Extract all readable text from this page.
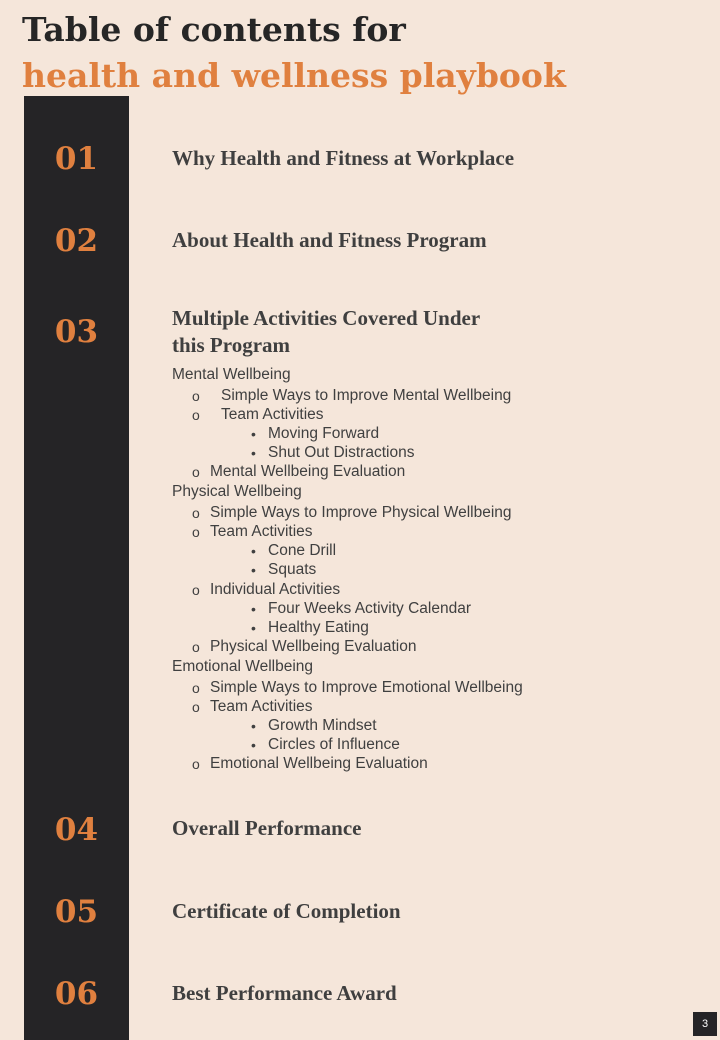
Table of contents for
health and wellness playbook
01
02
03
04
05
06
Why Health and Fitness at Workplace
About Health and Fitness Program
Multiple Activities Covered Under
this Program
Overall Performance
Certificate of Completion
Best Performance Award
Mental Wellbeing
o Simple Ways to Improve Mental Wellbeing
o Team Activities
• Moving Forward
• Shut Out Distractions
o Mental Wellbeing Evaluation
Physical Wellbeing
o Simple Ways to Improve Physical Wellbeing
o Team Activities
• Cone Drill
• Squats
o Individual Activities
• Four Weeks Activity Calendar
• Healthy Eating
o Physical Wellbeing Evaluation
Emotional Wellbeing
o Simple Ways to Improve Emotional Wellbeing
o Team Activities
• Growth Mindset
• Circles of Influence
o Emotional Wellbeing Evaluation
3
